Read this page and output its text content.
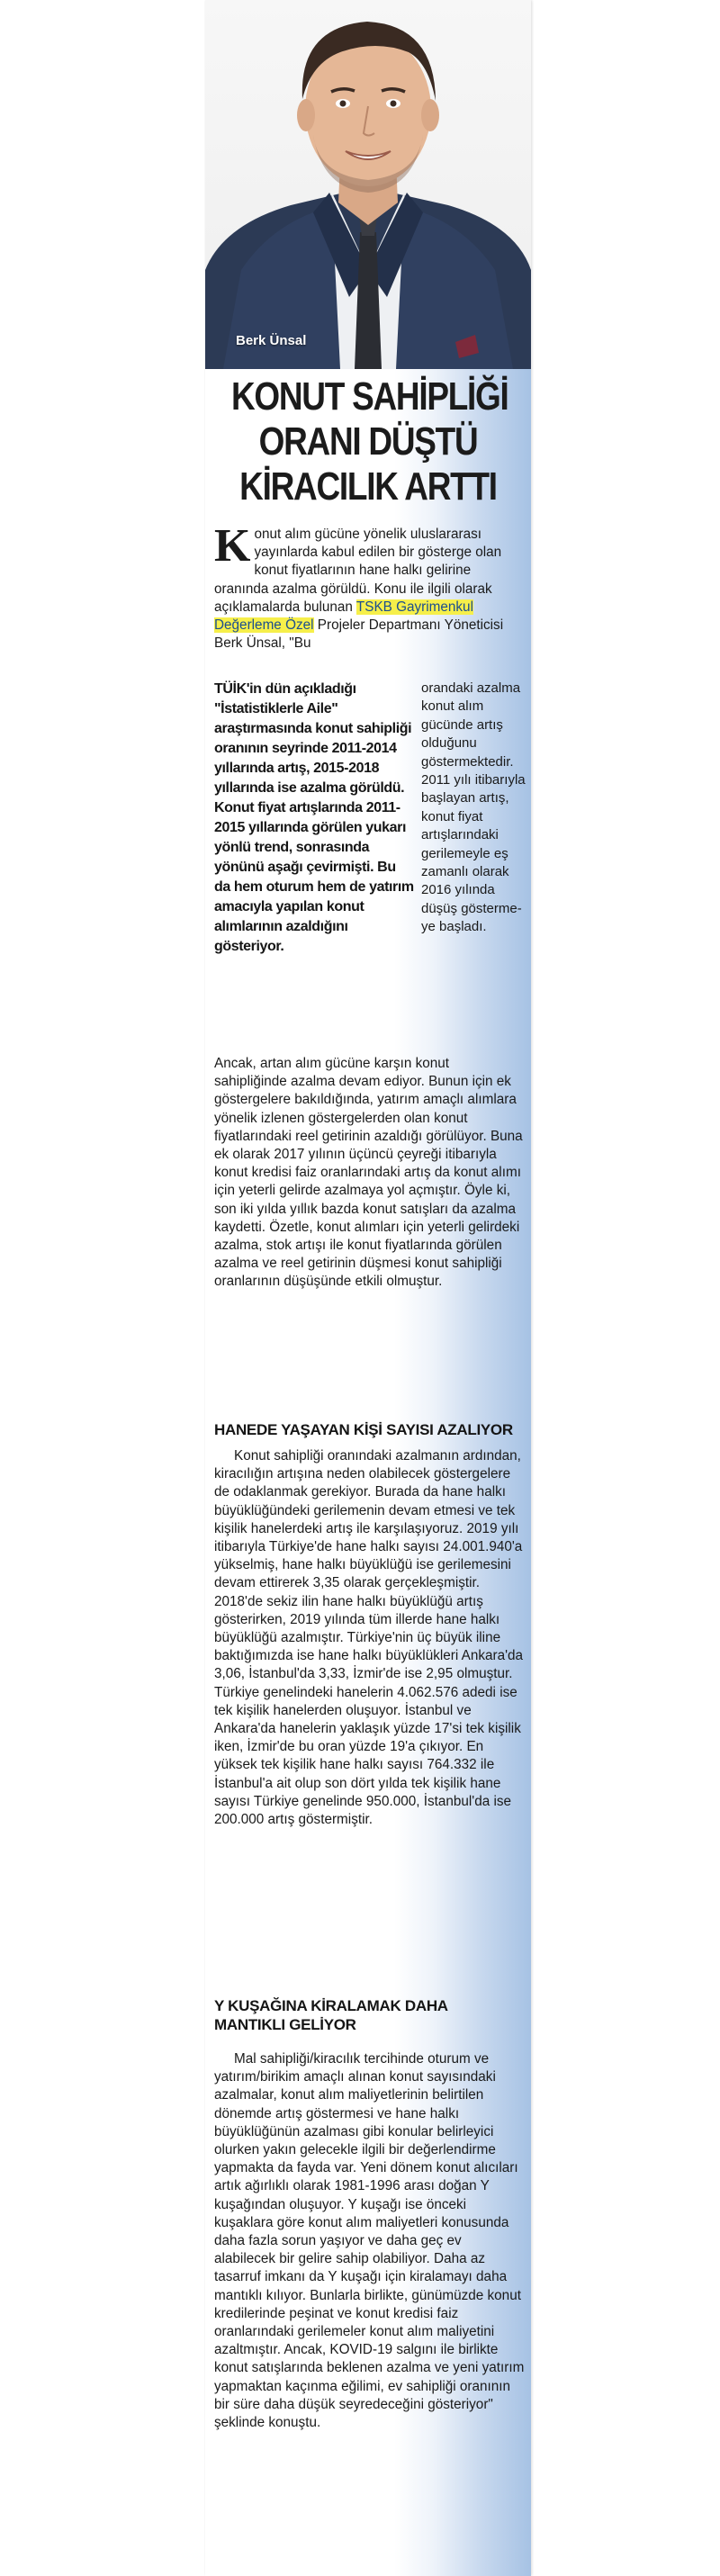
Berk Ünsal
KONUT SAHİPLİĞİ
ORANI DÜŞTÜ
KİRACILIK ARTTI
Konut alım gücüne yönelik uluslararası yayınlarda kabul edilen bir gösterge olan konut fiyatlarının hane halkı gelirine oranında azalma görüldü. Konu ile ilgili olarak açıklamalarda bulunan TSKB Gayrimenkul Değerleme Özel Projeler Departmanı Yöneticisi Berk Ünsal, "Bu
TÜİK'in dün açıkladığı "İstatistiklerle Aile" araştırmasında konut sahipliği oranının seyrinde 2011-2014 yıllarında artış, 2015-2018 yıllarında ise azalma görüldü. Konut fiyat artışlarında 2011-2015 yıllarında görülen yukarı yönlü trend, sonrasında yönünü aşağı çevirmişti. Bu da hem oturum hem de yatırım amacıyla yapılan konut alımlarının azaldığını gösteriyor.
orandaki azalma konut alım gücünde artış olduğunu göstermektedir. 2011 yılı itibarıyla başlayan artış, konut fiyat artışlarındaki gerilemeyle eş zamanlı olarak 2016 yılında düşüş gösterme-ye başladı.
Ancak, artan alım gücüne karşın konut sahipliğinde azalma devam ediyor. Bunun için ek göstergelere bakıldığında, yatırım amaçlı alımlara yönelik izlenen göstergelerden olan konut fiyatlarındaki reel getirinin azaldığı görülüyor. Buna ek olarak 2017 yılının üçüncü çeyreği itibarıyla konut kredisi faiz oranlarındaki artış da konut alımı için yeterli gelirde azalmaya yol açmıştır. Öyle ki, son iki yılda yıllık bazda konut satışları da azalma kaydetti. Özetle, konut alımları için yeterli gelirdeki azalma, stok artışı ile konut fiyatlarında görülen azalma ve reel getirinin düşmesi konut sahipliği oranlarının düşüşünde etkili olmuştur.
HANEDE YAŞAYAN KİŞİ SAYISI AZALIYOR
Konut sahipliği oranındaki azalmanın ardından, kiracılığın artışına neden olabilecek göstergelere de odaklanmak gerekiyor. Burada da hane halkı büyüklüğündeki gerilemenin devam etmesi ve tek kişilik hanelerdeki artış ile karşılaşıyoruz. 2019 yılı itibarıyla Türkiye'de hane halkı sayısı 24.001.940'a yükselmiş, hane halkı büyüklüğü ise gerilemesini devam ettirerek 3,35 olarak gerçekleşmiştir. 2018'de sekiz ilin hane halkı büyüklüğü artış gösterirken, 2019 yılında tüm illerde hane halkı büyüklüğü azalmıştır. Türkiye'nin üç büyük iline baktığımızda ise hane halkı büyüklükleri Ankara'da 3,06, İstanbul'da 3,33, İzmir'de ise 2,95 olmuştur. Türkiye genelindeki hanelerin 4.062.576 adedi ise tek kişilik hanelerden oluşuyor. İstanbul ve Ankara'da hanelerin yaklaşık yüzde 17'si tek kişilik iken, İzmir'de bu oran yüzde 19'a çıkıyor. En yüksek tek kişilik hane halkı sayısı 764.332 ile İstanbul'a ait olup son dört yılda tek kişilik hane sayısı Türkiye genelinde 950.000, İstanbul'da ise 200.000 artış göstermiştir.
Y KUŞAĞINA KİRALAMAK DAHA MANTIKLI GELİYOR
Mal sahipliği/kiracılık tercihinde oturum ve yatırım/birikim amaçlı alınan konut sayısındaki azalmalar, konut alım maliyetlerinin belirtilen dönemde artış göstermesi ve hane halkı büyüklüğünün azalması gibi konular belirleyici olurken yakın gelecekle ilgili bir değerlendirme yapmakta da fayda var. Yeni dönem konut alıcıları artık ağırlıklı olarak 1981-1996 arası doğan Y kuşağından oluşuyor. Y kuşağı ise önceki kuşaklara göre konut alım maliyetleri konusunda daha fazla sorun yaşıyor ve daha geç ev alabilecek bir gelire sahip olabiliyor. Daha az tasarruf imkanı da Y kuşağı için kiralamayı daha mantıklı kılıyor. Bunlarla birlikte, günümüzde konut kredilerinde peşinat ve konut kredisi faiz oranlarındaki gerilemeler konut alım maliyetini azaltmıştır. Ancak, KOVID-19 salgını ile birlikte konut satışlarında beklenen azalma ve yeni yatırım yapmaktan kaçınma eğilimi, ev sahipliği oranının bir süre daha düşük seyredeceğini gösteriyor" şeklinde konuştu.
